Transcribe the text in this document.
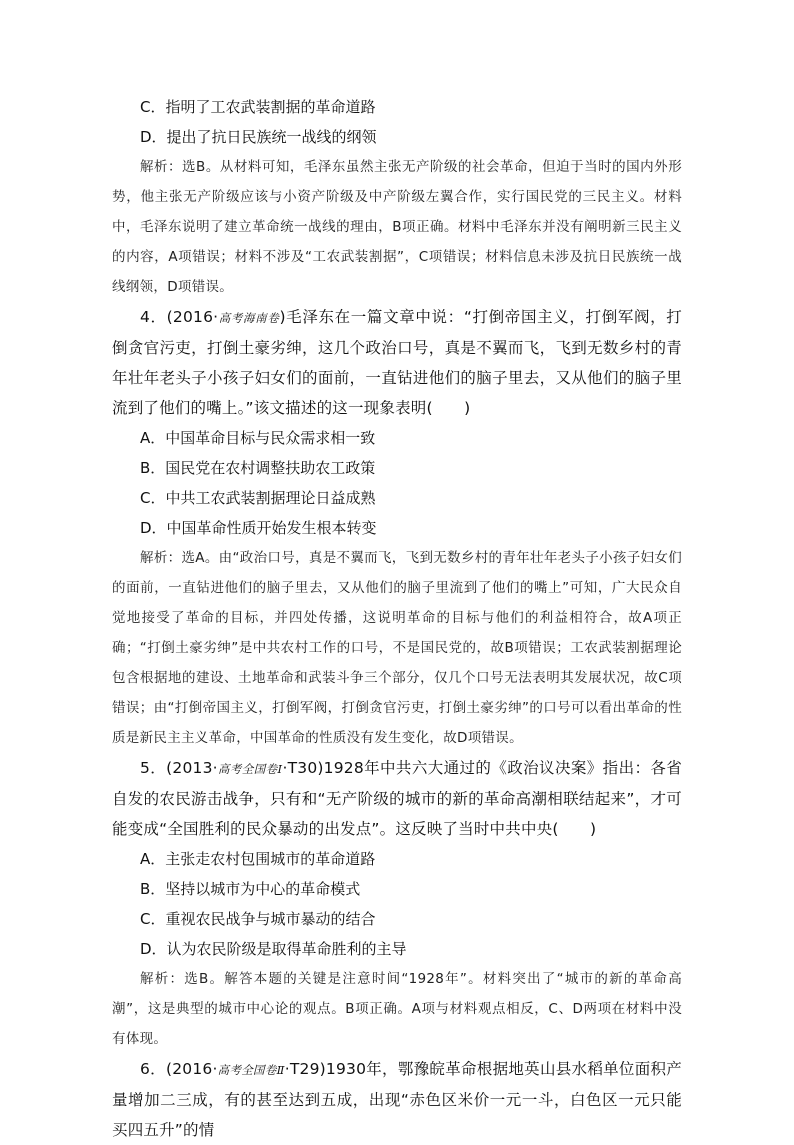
C．指明了工农武装割据的革命道路
D．提出了抗日民族统一战线的纲领
解析：选B。从材料可知，毛泽东虽然主张无产阶级的社会革命，但迫于当时的国内外形势，他主张无产阶级应该与小资产阶级及中产阶级左翼合作，实行国民党的三民主义。材料中，毛泽东说明了建立革命统一战线的理由，B项正确。材料中毛泽东并没有阐明新三民主义的内容，A项错误；材料不涉及“工农武装割据”，C项错误；材料信息未涉及抗日民族统一战线纲领，D项错误。
4．(2016·高考海南卷)毛泽东在一篇文章中说：“打倒帝国主义，打倒军阀，打倒贪官污吏，打倒土豪劣绅，这几个政治口号，真是不翼而飞，飞到无数乡村的青年壮年老头子小孩子妇女们的面前，一直钻进他们的脑子里去，又从他们的脑子里流到了他们的嘴上。”该文描述的这一现象表明(　　)
A．中国革命目标与民众需求相一致
B．国民党在农村调整扶助农工政策
C．中共工农武装割据理论日益成熟
D．中国革命性质开始发生根本转变
解析：选A。由“政治口号，真是不翼而飞，飞到无数乡村的青年壮年老头子小孩子妇女们的面前，一直钻进他们的脑子里去，又从他们的脑子里流到了他们的嘴上”可知，广大民众自觉地接受了革命的目标，并四处传播，这说明革命的目标与他们的利益相符合，故A项正确；“打倒土豪劣绅”是中共农村工作的口号，不是国民党的，故B项错误；工农武装割据理论包含根据地的建设、土地革命和武装斗争三个部分，仅几个口号无法表明其发展状况，故C项错误；由“打倒帝国主义，打倒军阀，打倒贪官污吏，打倒土豪劣绅”的口号可以看出革命的性质是新民主主义革命，中国革命的性质没有发生变化，故D项错误。
5．(2013·高考全国卷Ⅰ·T30)1928年中共六大通过的《政治议决案》指出：各省自发的农民游击战争，只有和“无产阶级的城市的新的革命高潮相联结起来”，才可能变成“全国胜利的民众暴动的出发点”。这反映了当时中共中央(　　)
A．主张走农村包围城市的革命道路
B．坚持以城市为中心的革命模式
C．重视农民战争与城市暴动的结合
D．认为农民阶级是取得革命胜利的主导
解析：选B。解答本题的关键是注意时间“1928年”。材料突出了“城市的新的革命高潮”，这是典型的城市中心论的观点。B项正确。A项与材料观点相反，C、D两项在材料中没有体现。
6．(2016·高考全国卷Ⅱ·T29)1930年，鄂豫皖革命根据地英山县水稻单位面积产量增加二三成，有的甚至达到五成，出现“赤色区米价一元一斗，白色区一元只能买四五升”的情
